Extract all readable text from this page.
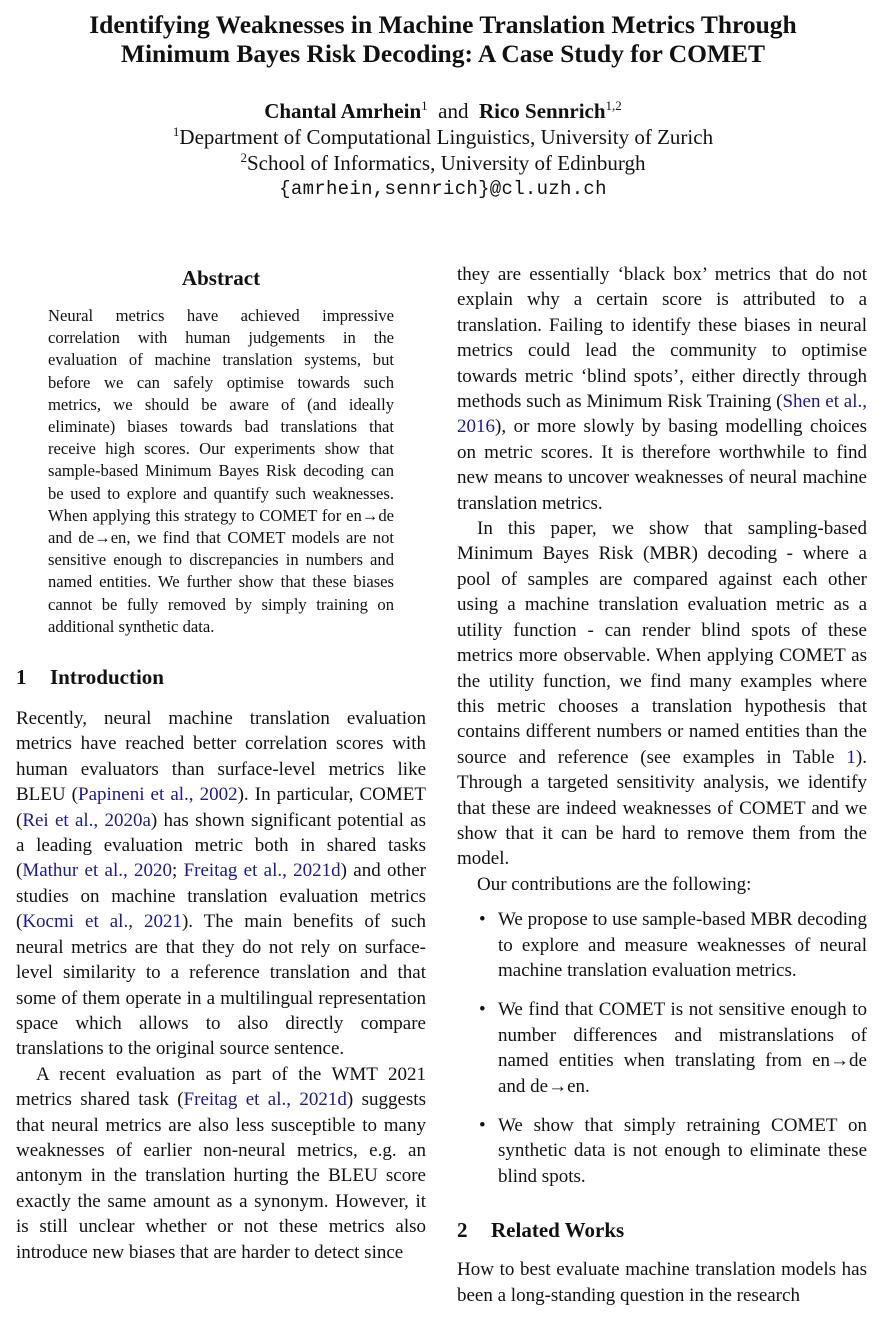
Identifying Weaknesses in Machine Translation Metrics Through
Minimum Bayes Risk Decoding: A Case Study for COMET
Chantal Amrhein$^1$ and Rico Sennrich$^{1,2}$
$^1$Department of Computational Linguistics, University of Zurich
$^2$School of Informatics, University of Edinburgh
{amrhein,sennrich}@cl.uzh.ch
Abstract
Neural metrics have achieved impressive correlation with human judgements in the evaluation of machine translation systems, but before we can safely optimise towards such metrics, we should be aware of (and ideally eliminate) biases towards bad translations that receive high scores. Our experiments show that sample-based Minimum Bayes Risk decoding can be used to explore and quantify such weaknesses. When applying this strategy to COMET for en→de and de→en, we find that COMET models are not sensitive enough to discrepancies in numbers and named entities. We further show that these biases cannot be fully removed by simply training on additional synthetic data.
1 Introduction

Recently, neural machine translation evaluation metrics have reached better correlation scores with human evaluators than surface-level metrics like BLEU (Papineni et al., 2002). In particular, COMET (Rei et al., 2020a) has shown significant potential as a leading evaluation metric both in shared tasks (Mathur et al., 2020; Freitag et al., 2021d) and other studies on machine translation evaluation metrics (Kocmi et al., 2021). The main benefits of such neural metrics are that they do not rely on surface-level similarity to a reference translation and that some of them operate in a multilingual representation space which allows to also directly compare translations to the original source sentence.

A recent evaluation as part of the WMT 2021 metrics shared task (Freitag et al., 2021d) suggests that neural metrics are also less susceptible to many weaknesses of earlier non-neural metrics, e.g. an antonym in the translation hurting the BLEU score exactly the same amount as a synonym. However, it is still unclear whether or not these metrics also introduce new biases that are harder to detect since

they are essentially ‘black box’ metrics that do not explain why a certain score is attributed to a translation. Failing to identify these biases in neural metrics could lead the community to optimise towards metric ‘blind spots’, either directly through methods such as Minimum Risk Training (Shen et al., 2016), or more slowly by basing modelling choices on metric scores. It is therefore worthwhile to find new means to uncover weaknesses of neural machine translation metrics.

In this paper, we show that sampling-based Minimum Bayes Risk (MBR) decoding - where a pool of samples are compared against each other using a machine translation evaluation metric as a utility function - can render blind spots of these metrics more observable. When applying COMET as the utility function, we find many examples where this metric chooses a translation hypothesis that contains different numbers or named entities than the source and reference (see examples in Table 1). Through a targeted sensitivity analysis, we identify that these are indeed weaknesses of COMET and we show that it can be hard to remove them from the model.

Our contributions are the following:

• We propose to use sample-based MBR decoding to explore and measure weaknesses of neural machine translation evaluation metrics.
• We find that COMET is not sensitive enough to number differences and mistranslations of named entities when translating from en→de and de→en.
• We show that simply retraining COMET on synthetic data is not enough to eliminate these blind spots.
2 Related Works

How to best evaluate machine translation models has been a long-standing question in the research
